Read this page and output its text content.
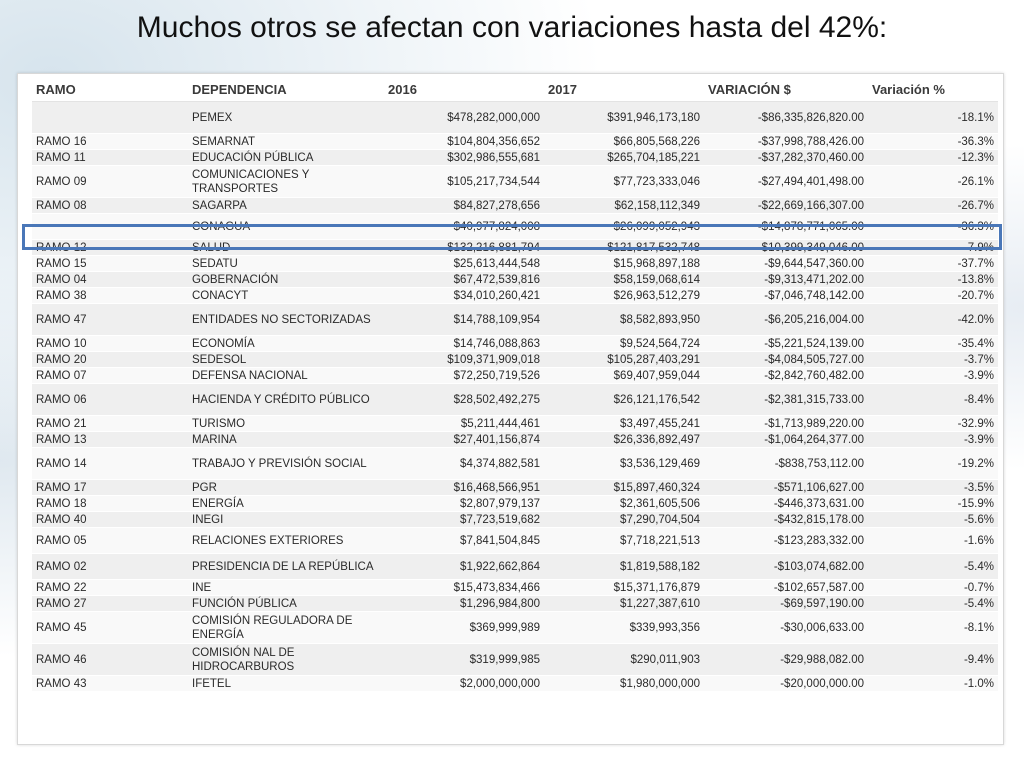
Muchos otros se afectan con variaciones hasta del 42%:
RAMO	DEPENDENCIA	2016	2017	VARIACIÓN $	Variación %
	PEMEX	$478,282,000,000	$391,946,173,180	-$86,335,826,820.00	-18.1%
RAMO 16	SEMARNAT	$104,804,356,652	$66,805,568,226	-$37,998,788,426.00	-36.3%
RAMO 11	EDUCACIÓN PÚBLICA	$302,986,555,681	$265,704,185,221	-$37,282,370,460.00	-12.3%
RAMO 09	COMUNICACIONES Y TRANSPORTES	$105,217,734,544	$77,723,333,046	-$27,494,401,498.00	-26.1%
RAMO 08	SAGARPA	$84,827,278,656	$62,158,112,349	-$22,669,166,307.00	-26.7%
	CONAGUA	$40,977,824,008	$26,099,052,943	-$14,878,771,065.00	-36.3%
RAMO 12	SALUD	$132,216,881,794	$121,817,532,748	-$10,399,349,046.00	-7.9%
RAMO 15	SEDATU	$25,613,444,548	$15,968,897,188	-$9,644,547,360.00	-37.7%
RAMO 04	GOBERNACIÓN	$67,472,539,816	$58,159,068,614	-$9,313,471,202.00	-13.8%
RAMO 38	CONACYT	$34,010,260,421	$26,963,512,279	-$7,046,748,142.00	-20.7%
RAMO 47	ENTIDADES NO SECTORIZADAS	$14,788,109,954	$8,582,893,950	-$6,205,216,004.00	-42.0%
RAMO 10	ECONOMÍA	$14,746,088,863	$9,524,564,724	-$5,221,524,139.00	-35.4%
RAMO 20	SEDESOL	$109,371,909,018	$105,287,403,291	-$4,084,505,727.00	-3.7%
RAMO 07	DEFENSA NACIONAL	$72,250,719,526	$69,407,959,044	-$2,842,760,482.00	-3.9%
RAMO 06	HACIENDA Y CRÉDITO PÚBLICO	$28,502,492,275	$26,121,176,542	-$2,381,315,733.00	-8.4%
RAMO 21	TURISMO	$5,211,444,461	$3,497,455,241	-$1,713,989,220.00	-32.9%
RAMO 13	MARINA	$27,401,156,874	$26,336,892,497	-$1,064,264,377.00	-3.9%
RAMO 14	TRABAJO Y PREVISIÓN SOCIAL	$4,374,882,581	$3,536,129,469	-$838,753,112.00	-19.2%
RAMO 17	PGR	$16,468,566,951	$15,897,460,324	-$571,106,627.00	-3.5%
RAMO 18	ENERGÍA	$2,807,979,137	$2,361,605,506	-$446,373,631.00	-15.9%
RAMO 40	INEGI	$7,723,519,682	$7,290,704,504	-$432,815,178.00	-5.6%
RAMO 05	RELACIONES EXTERIORES	$7,841,504,845	$7,718,221,513	-$123,283,332.00	-1.6%
RAMO 02	PRESIDENCIA DE LA REPÚBLICA	$1,922,662,864	$1,819,588,182	-$103,074,682.00	-5.4%
RAMO 22	INE	$15,473,834,466	$15,371,176,879	-$102,657,587.00	-0.7%
RAMO 27	FUNCIÓN PÚBLICA	$1,296,984,800	$1,227,387,610	-$69,597,190.00	-5.4%
RAMO 45	COMISIÓN REGULADORA DE ENERGÍA	$369,999,989	$339,993,356	-$30,006,633.00	-8.1%
RAMO 46	COMISIÓN NAL DE HIDROCARBUROS	$319,999,985	$290,011,903	-$29,988,082.00	-9.4%
RAMO 43	IFETEL	$2,000,000,000	$1,980,000,000	-$20,000,000.00	-1.0%
